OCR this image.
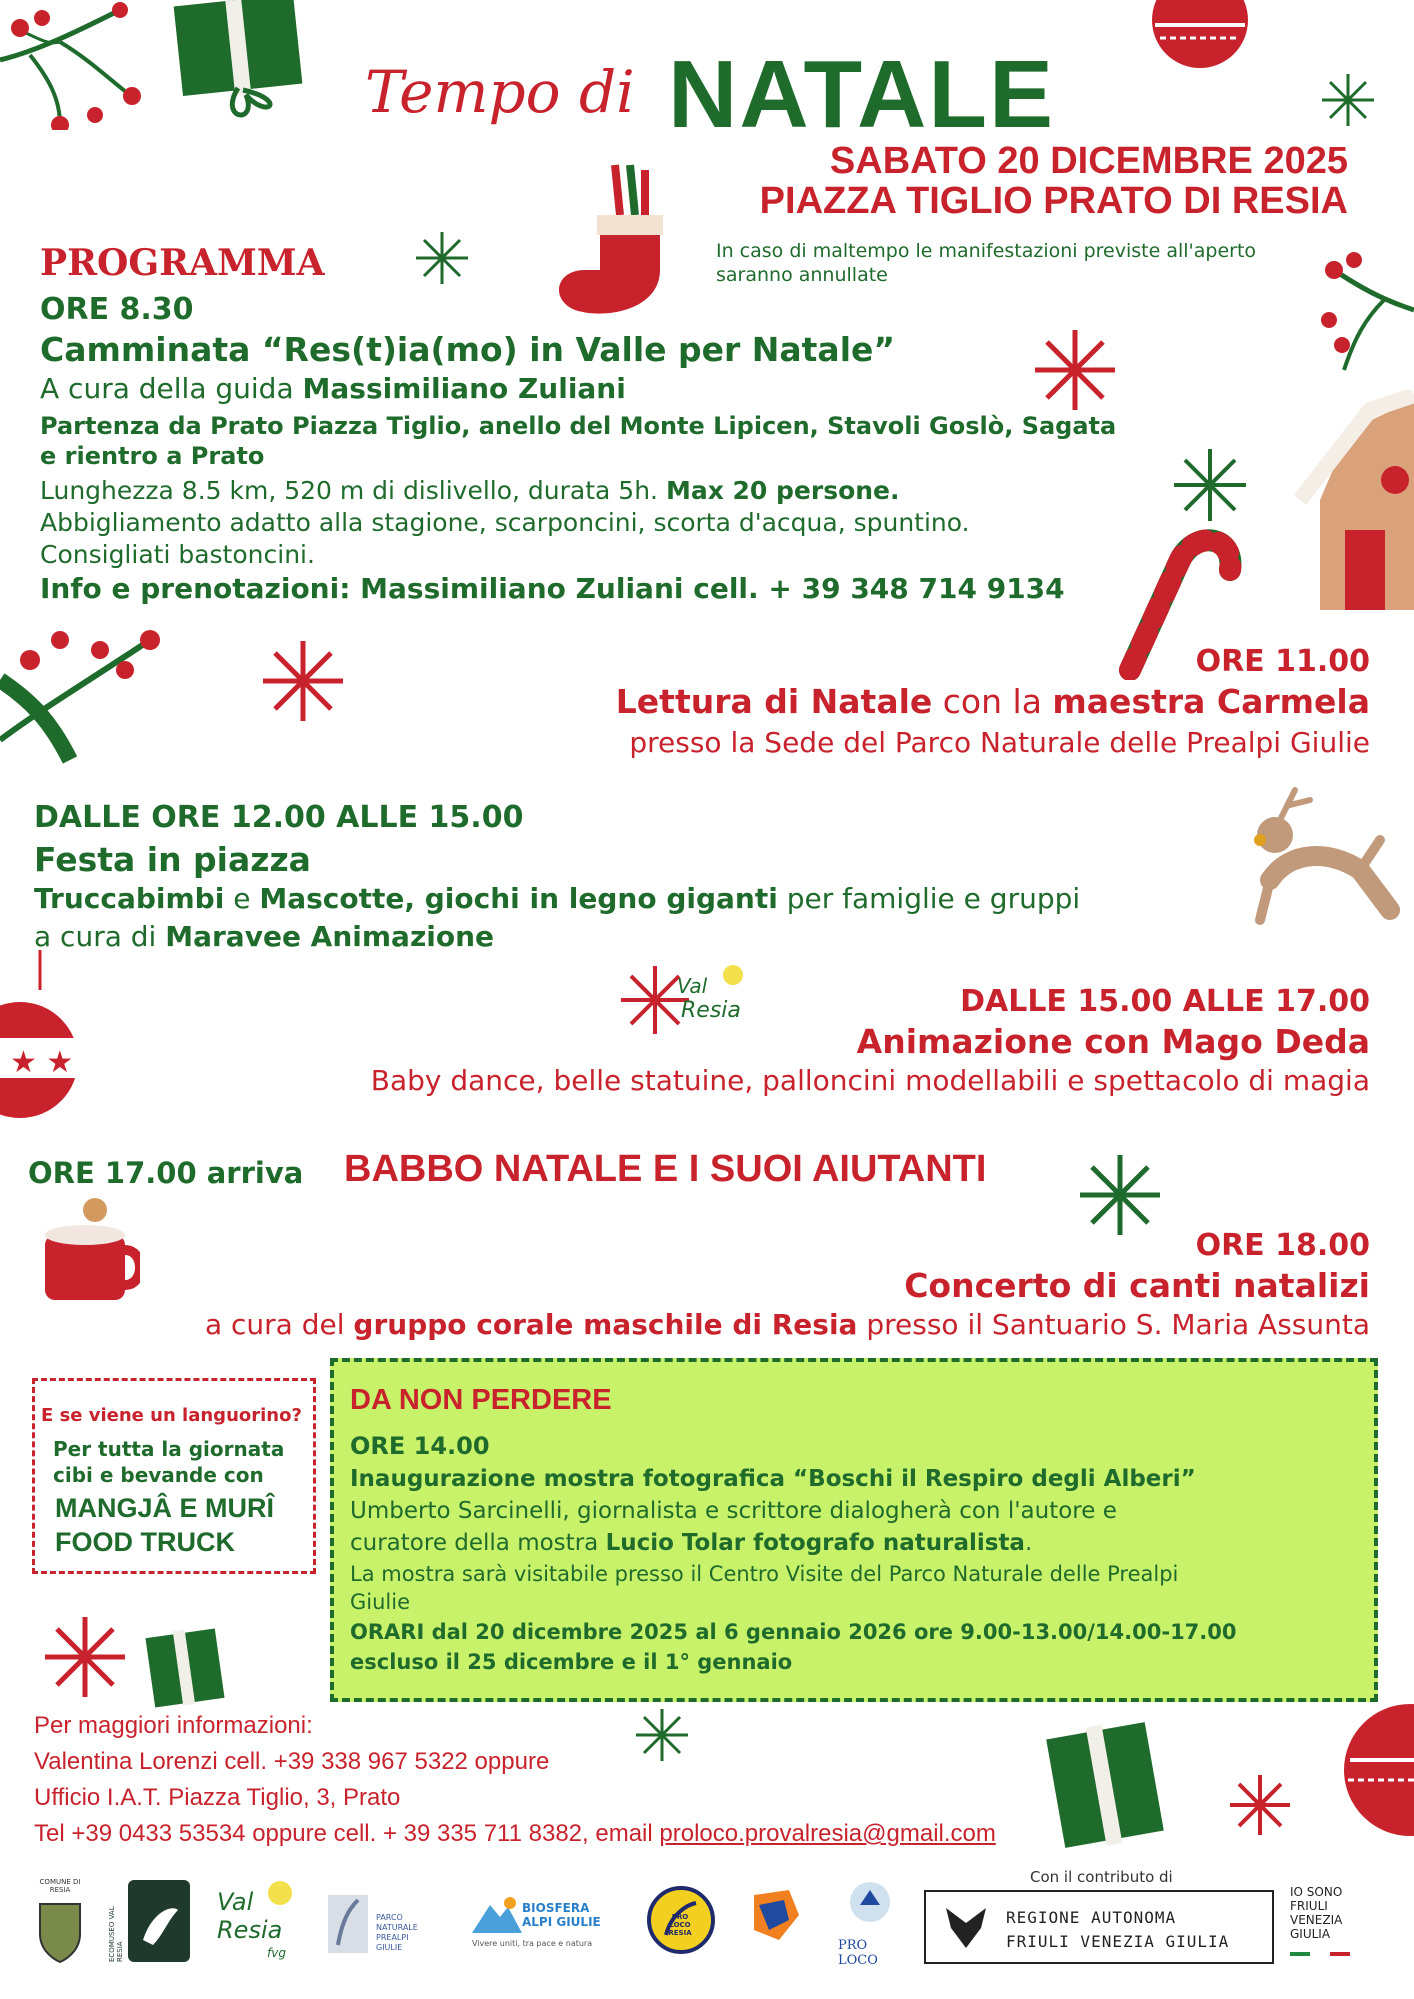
★ ★
Val
Resia
Tempo di NATALE
SABATO 20 DICEMBRE 2025
PIAZZA TIGLIO PRATO DI RESIA
In caso di maltempo le manifestazioni previste all'aperto
saranno annullate
PROGRAMMA
ORE 8.30
Camminata “Res(t)ia(mo) in Valle per Natale”
A cura della guida Massimiliano Zuliani
Partenza da Prato Piazza Tiglio, anello del Monte Lipicen, Stavoli Goslò, Sagata
e rientro a Prato
Lunghezza 8.5 km, 520 m di dislivello, durata 5h. Max 20 persone.
Abbigliamento adatto alla stagione, scarponcini, scorta d'acqua, spuntino.
Consigliati bastoncini.
Info e prenotazioni: Massimiliano Zuliani cell. + 39 348 714 9134
ORE 11.00
Lettura di Natale con la maestra Carmela
presso la Sede del Parco Naturale delle Prealpi Giulie
DALLE ORE 12.00 ALLE 15.00
Festa in piazza
Truccabimbi e Mascotte, giochi in legno giganti per famiglie e gruppi
a cura di Maravee Animazione
DALLE 15.00 ALLE 17.00
Animazione con Mago Deda
Baby dance, belle statuine, palloncini modellabili e spettacolo di magia
ORE 17.00 arriva BABBO NATALE E I SUOI AIUTANTI
ORE 18.00
Concerto di canti natalizi
a cura del gruppo corale maschile di Resia presso il Santuario S. Maria Assunta
E se viene un languorino?
Per tutta la giornata
cibi e bevande con
MANGJÂ E MURÎ
FOOD TRUCK
DA NON PERDERE
ORE 14.00
Inaugurazione mostra fotografica “Boschi il Respiro degli Alberi”
Umberto Sarcinelli, giornalista e scrittore dialogherà con l'autore e
curatore della mostra Lucio Tolar fotografo naturalista.
La mostra sarà visitabile presso il Centro Visite del Parco Naturale delle Prealpi
Giulie
ORARI dal 20 dicembre 2025 al 6 gennaio 2026 ore 9.00-13.00/14.00-17.00
escluso il 25 dicembre e il 1° gennaio
Per maggiori informazioni:
Valentina Lorenzi cell. +39 338 967 5322 oppure
Ufficio I.A.T. Piazza Tiglio, 3, Prato
Tel +39 0433 53534 oppure cell. + 39 335 711 8382, email proloco.provalresia@gmail.com
Con il contributo di
COMUNE DI RESIA
ECOMUSEO VAL RESIA
Val
Resia
fvg
PARCO
NATURALE
PREALPI
GIULIE
BIOSFERA
ALPI GIULIE
Vivere uniti, tra pace e natura
PRO LOCO RESIA
PRO LOCO
REGIONE AUTONOMA
FRIULI VENEZIA GIULIA
IO SONO
FRIULI
VENEZIA
GIULIA
